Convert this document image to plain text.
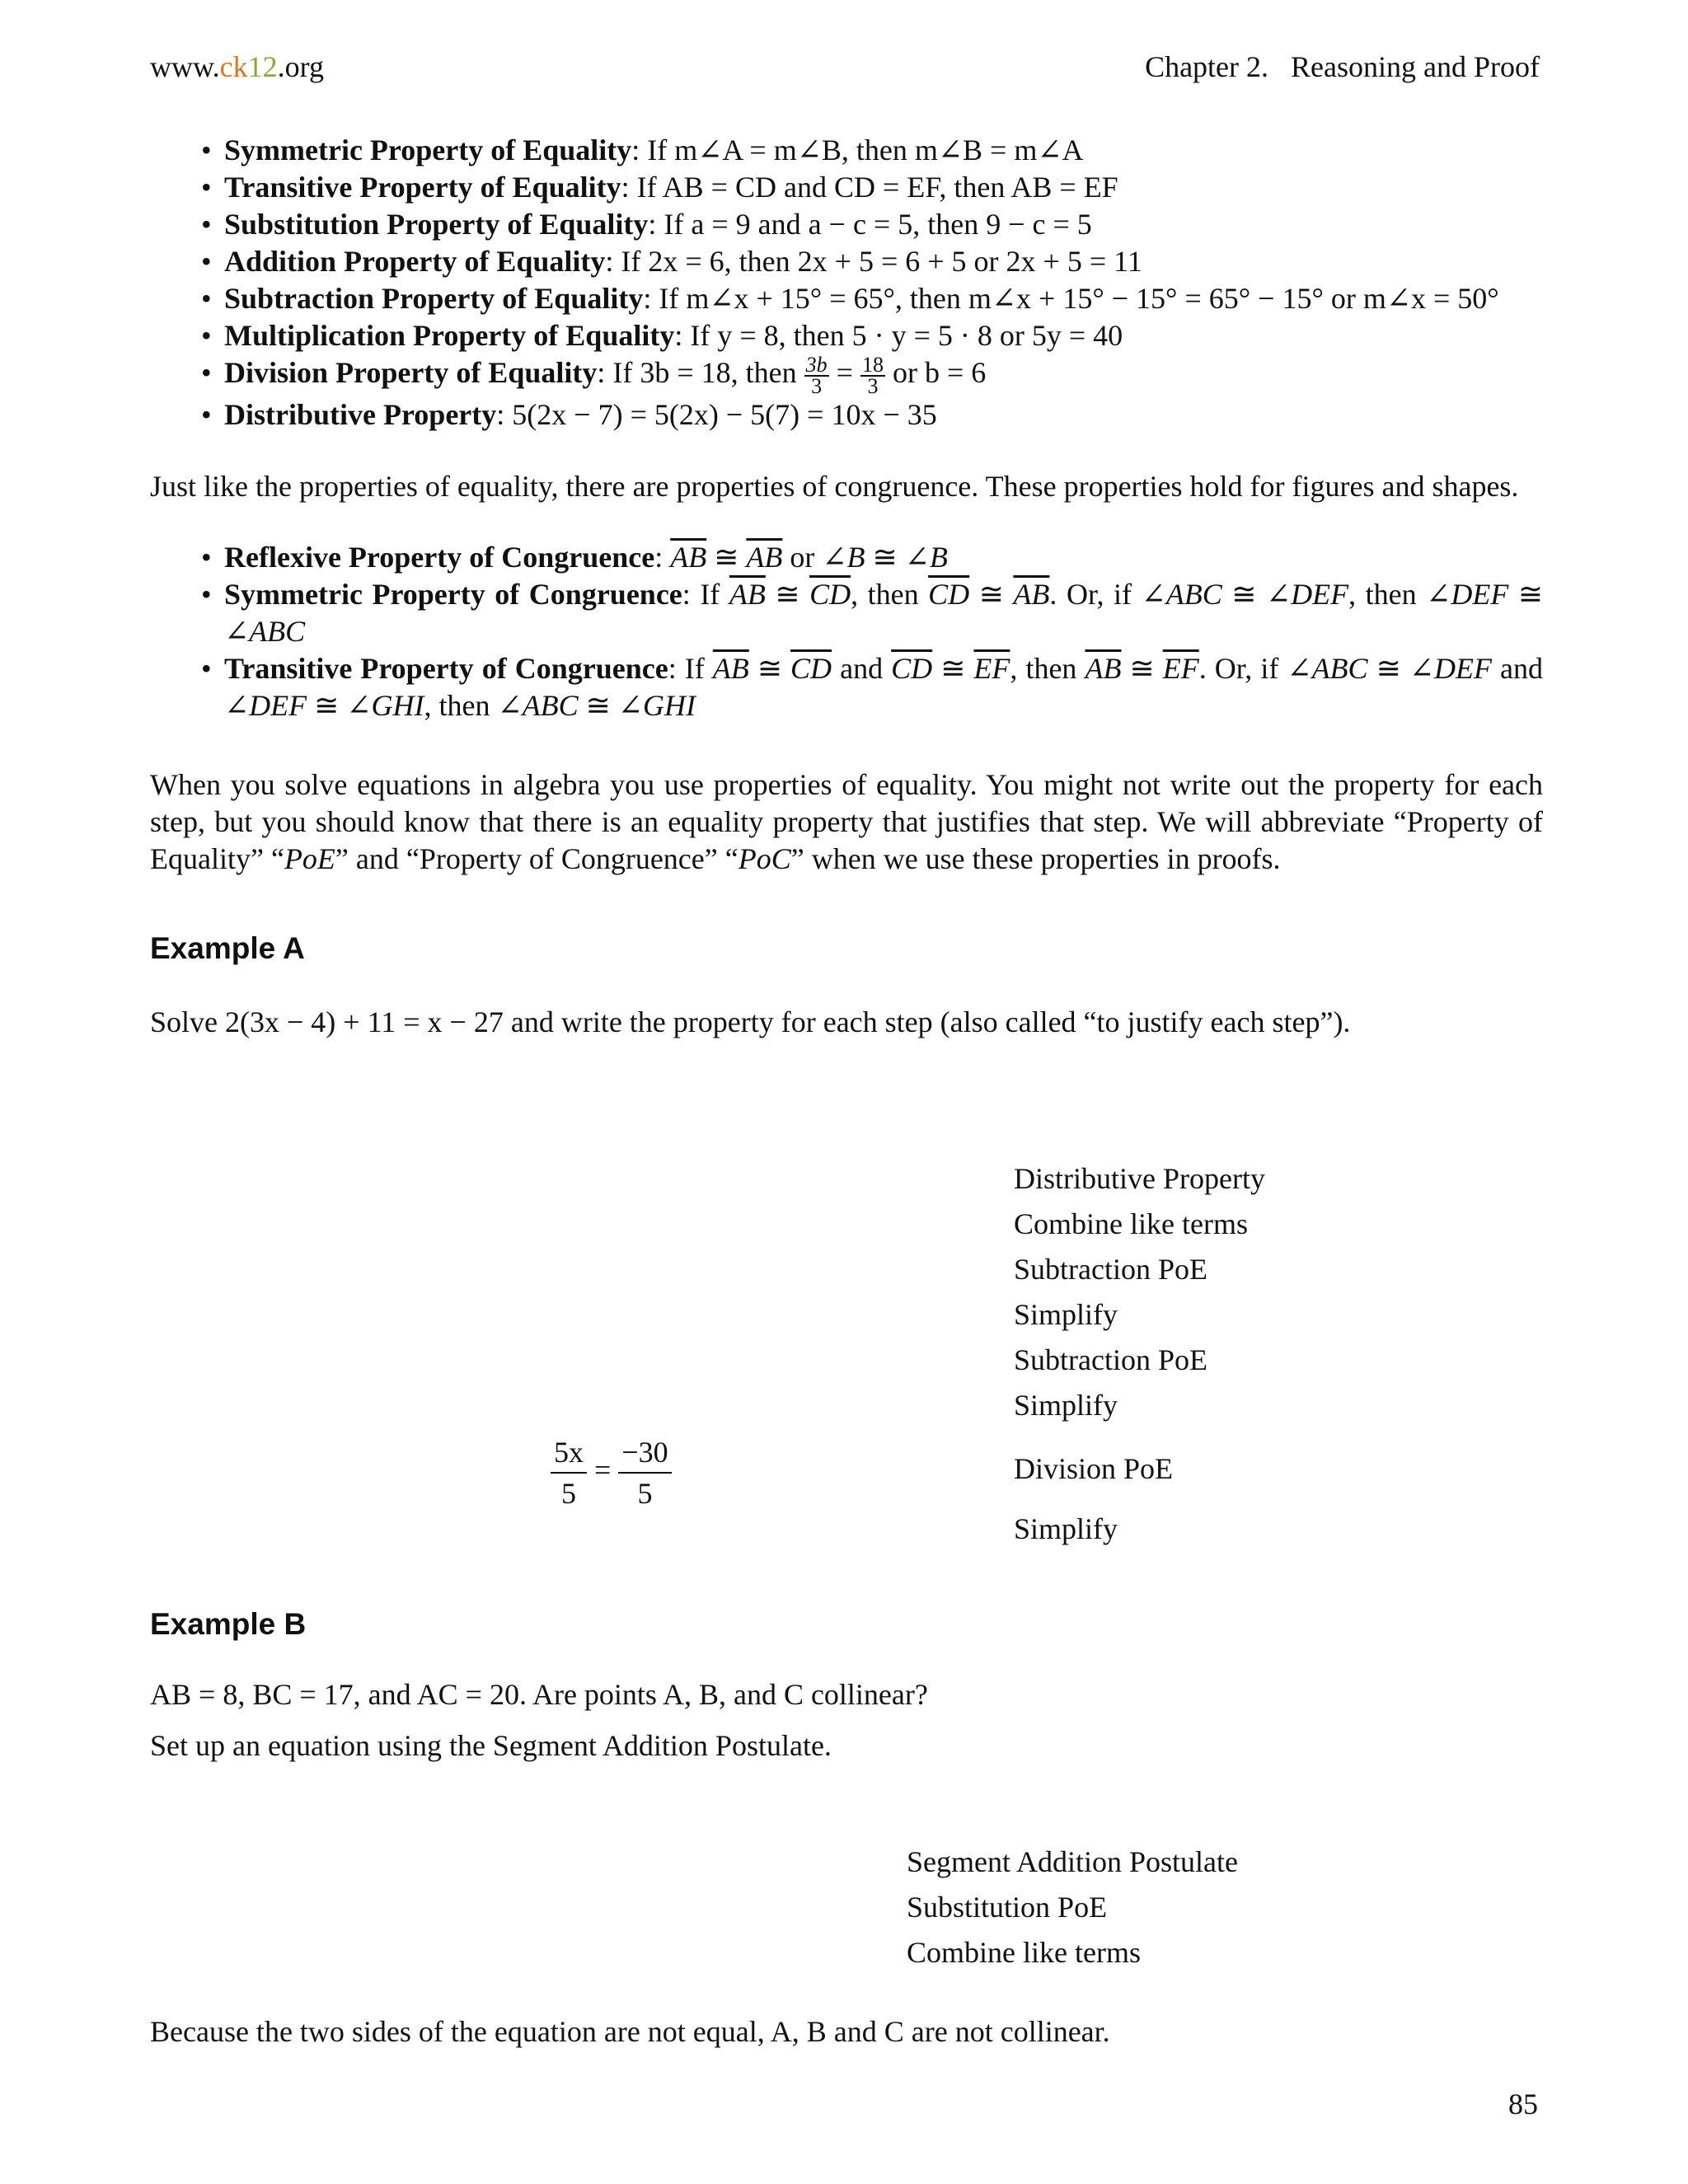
www.ck12.org	Chapter 2. Reasoning and Proof
• Symmetric Property of Equality: If m∠A = m∠B, then m∠B = m∠A
• Transitive Property of Equality: If AB = CD and CD = EF, then AB = EF
• Substitution Property of Equality: If a = 9 and a − c = 5, then 9 − c = 5
• Addition Property of Equality: If 2x = 6, then 2x + 5 = 6 + 5 or 2x + 5 = 11
• Subtraction Property of Equality: If m∠x + 15° = 65°, then m∠x + 15° − 15° = 65° − 15° or m∠x = 50°
• Multiplication Property of Equality: If y = 8, then 5 · y = 5 · 8 or 5y = 40
• Division Property of Equality: If 3b = 18, then $\frac{3b}{3} = \frac{18}{3}$ or b = 6
• Distributive Property: 5(2x − 7) = 5(2x) − 5(7) = 10x − 35
Just like the properties of equality, there are properties of congruence. These properties hold for figures and shapes.
• Reflexive Property of Congruence: $\overline{AB}$ ≅ $\overline{AB}$ or ∠B ≅ ∠B
• Symmetric Property of Congruence: If $\overline{AB}$ ≅ $\overline{CD}$, then $\overline{CD}$ ≅ $\overline{AB}$. Or, if ∠ABC ≅ ∠DEF, then ∠DEF ≅
∠ABC
• Transitive Property of Congruence: If $\overline{AB}$ ≅ $\overline{CD}$ and $\overline{CD}$ ≅ $\overline{EF}$, then $\overline{AB}$ ≅ $\overline{EF}$. Or, if ∠ABC ≅ ∠DEF and
∠DEF ≅ ∠GHI, then ∠ABC ≅ ∠GHI
When you solve equations in algebra you use properties of equality. You might not write out the property for each
step, but you should know that there is an equality property that justifies that step. We will abbreviate “Property of
Equality” “PoE” and “Property of Congruence” “PoC” when we use these properties in proofs.
Example A
Solve 2(3x − 4) + 11 = x − 27 and write the property for each step (also called “to justify each step”).
$\frac{5x}{5} = \frac{-30}{5}$
Distributive Property
Combine like terms
Subtraction PoE
Simplify
Subtraction PoE
Simplify
Division PoE
Simplify
Example B
AB = 8, BC = 17, and AC = 20. Are points A, B, and C collinear?
Set up an equation using the Segment Addition Postulate.
Segment Addition Postulate
Substitution PoE
Combine like terms
Because the two sides of the equation are not equal, A, B and C are not collinear.
85
